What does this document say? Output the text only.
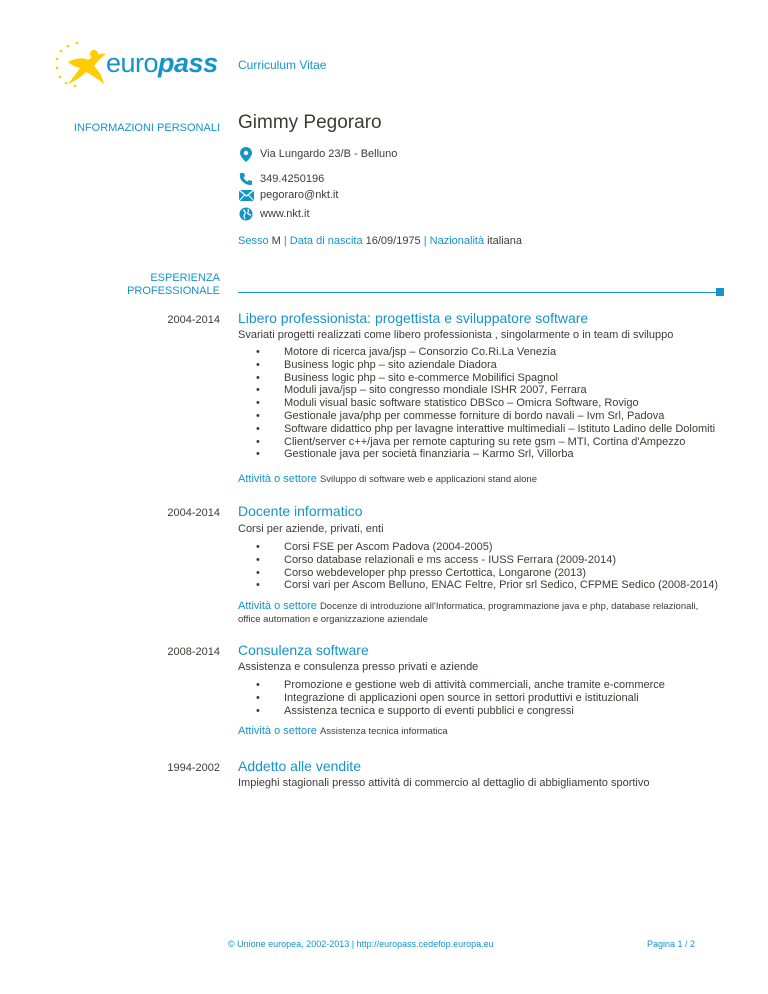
europass Curriculum Vitae
INFORMAZIONI PERSONALI Gimmy Pegoraro
Via Lungardo 23/B - Belluno
349.4250196
pegoraro@nkt.it
www.nkt.it
Sesso M | Data di nascita 16/09/1975 | Nazionalità italiana
ESPERIENZA
PROFESSIONALE
2004-2014 Libero professionista: progettista e sviluppatore software
Svariati progetti realizzati come libero professionista , singolarmente o in team di sviluppo
• Motore di ricerca java/jsp – Consorzio Co.Ri.La Venezia
• Business logic php – sito aziendale Diadora
• Business logic php – sito e-commerce Mobilifici Spagnol
• Moduli java/jsp – sito congresso mondiale ISHR 2007, Ferrara
• Moduli visual basic software statistico DBSco – Omicra Software, Rovigo
• Gestionale java/php per commesse forniture di bordo navali – Ivm Srl, Padova
• Software didattico php per lavagne interattive multimediali – Istituto Ladino delle Dolomiti
• Client/server c++/java per remote capturing su rete gsm – MTI, Cortina d'Ampezzo
• Gestionale java per società finanziaria – Karmo Srl, Villorba
Attività o settore Sviluppo di software web e applicazioni stand alone
2004-2014 Docente informatico
Corsi per aziende, privati, enti
• Corsi FSE per Ascom Padova (2004-2005)
• Corso database relazionali e ms access - IUSS Ferrara (2009-2014)
• Corso webdeveloper php presso Certottica, Longarone (2013)
• Corsi vari per Ascom Belluno, ENAC Feltre, Prior srl Sedico, CFPME Sedico (2008-2014)
Attività o settore Docenze di introduzione all'Informatica, programmazione java e php, database relazionali, office automation e organizzazione aziendale
2008-2014 Consulenza software
Assistenza e consulenza presso privati e aziende
• Promozione e gestione web di attività commerciali, anche tramite e-commerce
• Integrazione di applicazioni open source in settori produttivi e istituzionali
• Assistenza tecnica e supporto di eventi pubblici e congressi
Attività o settore Assistenza tecnica informatica
1994-2002 Addetto alle vendite
Impieghi stagionali presso attività di commercio al dettaglio di abbigliamento sportivo
© Unione europea, 2002-2013 | http://europass.cedefop.europa.eu	Pagina 1 / 2
